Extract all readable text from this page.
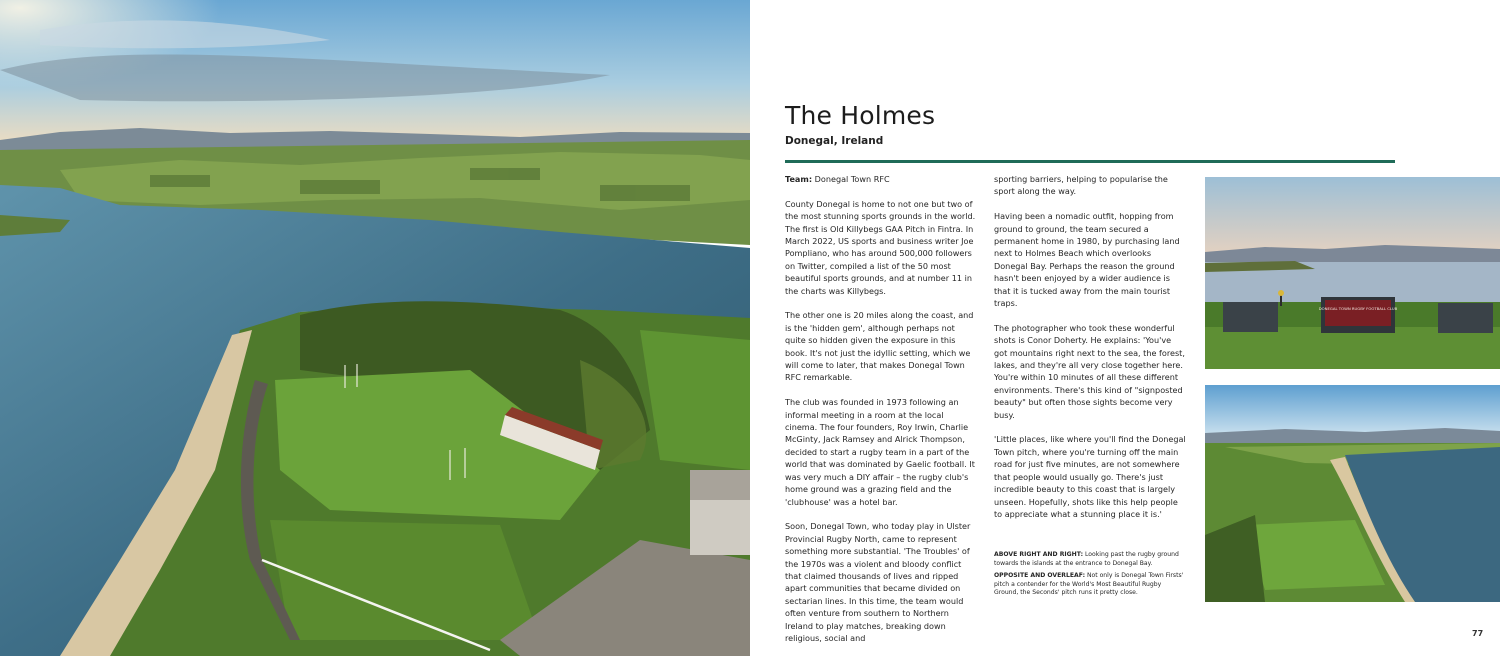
The Holmes
Donegal, Ireland

Team: Donegal Town RFC

County Donegal is home to not one but two of the most stunning sports grounds in the world. The first is Old Killybegs GAA Pitch in Fintra. In March 2022, US sports and business writer Joe Pompliano, who has around 500,000 followers on Twitter, compiled a list of the 50 most beautiful sports grounds, and at number 11 in the charts was Killybegs.

The other one is 20 miles along the coast, and is the 'hidden gem', although perhaps not quite so hidden given the exposure in this book. It's not just the idyllic setting, which we will come to later, that makes Donegal Town RFC remarkable.

The club was founded in 1973 following an informal meeting in a room at the local cinema. The four founders, Roy Irwin, Charlie McGinty, Jack Ramsey and Alrick Thompson, decided to start a rugby team in a part of the world that was dominated by Gaelic football. It was very much a DIY affair – the rugby club's home ground was a grazing field and the 'clubhouse' was a hotel bar.

Soon, Donegal Town, who today play in Ulster Provincial Rugby North, came to represent something more substantial. 'The Troubles' of the 1970s was a violent and bloody conflict that claimed thousands of lives and ripped apart communities that became divided on sectarian lines. In this time, the team would often venture from southern to Northern Ireland to play matches, breaking down religious, social and

sporting barriers, helping to popularise the sport along the way.

Having been a nomadic outfit, hopping from ground to ground, the team secured a permanent home in 1980, by purchasing land next to Holmes Beach which overlooks Donegal Bay. Perhaps the reason the ground hasn't been enjoyed by a wider audience is that it is tucked away from the main tourist traps.

The photographer who took these wonderful shots is Conor Doherty. He explains: 'You've got mountains right next to the sea, the forest, lakes, and they're all very close together here. You're within 10 minutes of all these different environments. There's this kind of "signposted beauty" but often those sights become very busy.

'Little places, like where you'll find the Donegal Town pitch, where you're turning off the main road for just five minutes, are not somewhere that people would usually go. There's just incredible beauty to this coast that is largely unseen. Hopefully, shots like this help people to appreciate what a stunning place it is.'

ABOVE RIGHT AND RIGHT: Looking past the rugby ground towards the islands at the entrance to Donegal Bay.

OPPOSITE AND OVERLEAF: Not only is Donegal Town Firsts' pitch a contender for the World's Most Beautiful Rugby Ground, the Seconds' pitch runs it pretty close.

DONEGAL TOWN RUGBY FOOTBALL CLUB
77
